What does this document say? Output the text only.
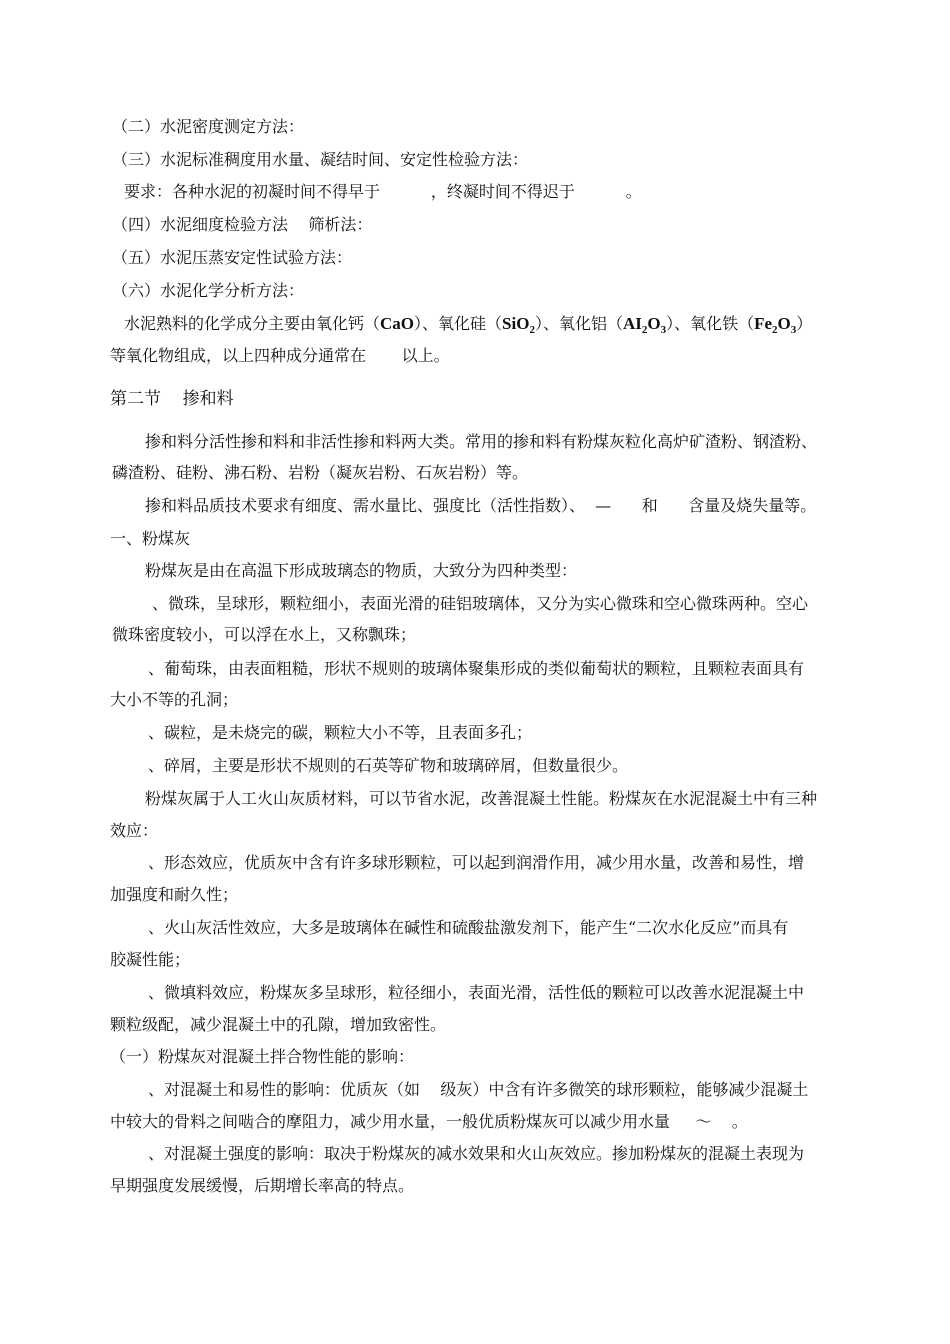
（二）水泥密度测定方法：
（三）水泥标准稠度用水量、凝结时间、安定性检验方法：
要求：各种水泥的初凝时间不得早于          ，终凝时间不得迟于          。
（四）水泥细度检验方法    筛析法：
（五）水泥压蒸安定性试验方法：
（六）水泥化学分析方法：
水泥熟料的化学成分主要由氧化钙（CaO）、氧化硅（SiO$_2$）、氧化铝$(AI_2O_3)$、氧化铁$(Fe_2O_3)$
等氧化物组成，以上四种成分通常在       以上。
第二节    掺和料
掺和料分活性掺和料和非活性掺和料两大类。常用的掺和料有粉煤灰粒化高炉矿渣粉、钢渣粉、
磷渣粉、硅粉、沸石粉、岩粉（凝灰岩粉、石灰岩粉）等。
掺和料品质技术要求有细度、需水量比、强度比（活性指数）、  —      和      含量及烧失量等。
一、粉煤灰
粉煤灰是由在高温下形成玻璃态的物质，大致分为四种类型：
、微珠，呈球形，颗粒细小，表面光滑的硅铝玻璃体，又分为实心微珠和空心微珠两种。空心
微珠密度较小，可以浮在水上，又称飘珠；
、葡萄珠，由表面粗糙，形状不规则的玻璃体聚集形成的类似葡萄状的颗粒，且颗粒表面具有
大小不等的孔洞；
、碳粒，是未烧完的碳，颗粒大小不等，且表面多孔；
、碎屑，主要是形状不规则的石英等矿物和玻璃碎屑，但数量很少。
粉煤灰属于人工火山灰质材料，可以节省水泥，改善混凝土性能。粉煤灰在水泥混凝土中有三种
效应：
、形态效应，优质灰中含有许多球形颗粒，可以起到润滑作用，减少用水量，改善和易性，增
加强度和耐久性；
、火山灰活性效应，大多是玻璃体在碱性和硫酸盐激发剂下，能产生“二次水化反应”而具有
胶凝性能；
、微填料效应，粉煤灰多呈球形，粒径细小，表面光滑，活性低的颗粒可以改善水泥混凝土中
颗粒级配，减少混凝土中的孔隙，增加致密性。
（一）粉煤灰对混凝土拌合物性能的影响：
、对混凝土和易性的影响：优质灰（如    级灰）中含有许多微笑的球形颗粒，能够减少混凝土
中较大的骨料之间啮合的摩阻力，减少用水量，一般优质粉煤灰可以减少用水量     ～    。
、对混凝土强度的影响：取决于粉煤灰的减水效果和火山灰效应。掺加粉煤灰的混凝土表现为
早期强度发展缓慢，后期增长率高的特点。
